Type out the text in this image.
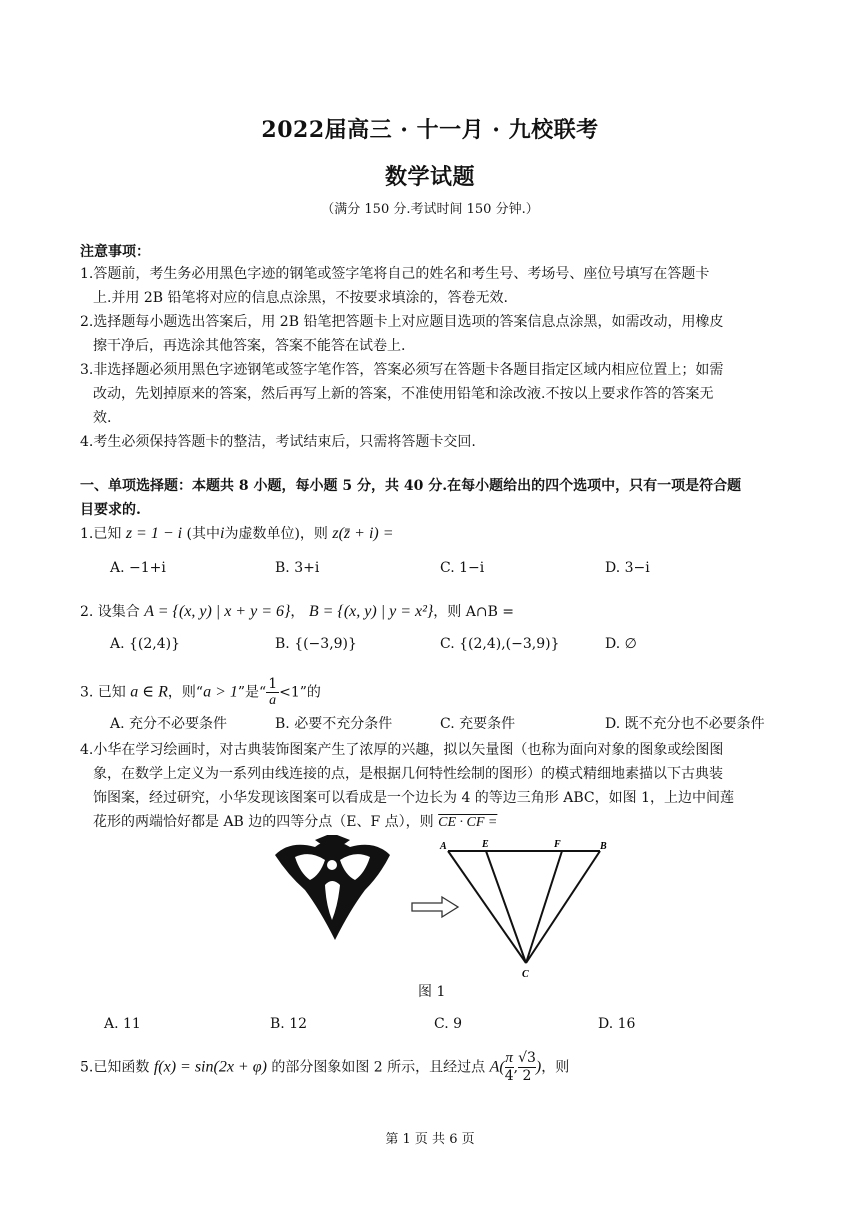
2022届高三 · 十一月 · 九校联考
数学试题
（满分 150 分.考试时间 150 分钟.）
注意事项：
1.答题前，考生务必用黑色字迹的钢笔或签字笔将自己的姓名和考生号、考场号、座位号填写在答题卡
上.并用 2B 铅笔将对应的信息点涂黑，不按要求填涂的，答卷无效.
2.选择题每小题选出答案后，用 2B 铅笔把答题卡上对应题目选项的答案信息点涂黑，如需改动，用橡皮
擦干净后，再选涂其他答案，答案不能答在试卷上.
3.非选择题必须用黑色字迹钢笔或签字笔作答，答案必须写在答题卡各题目指定区域内相应位置上；如需
改动，先划掉原来的答案，然后再写上新的答案，不准使用铅笔和涂改液.不按以上要求作答的答案无
效.
4.考生必须保持答题卡的整洁，考试结束后，只需将答题卡交回.
一、单项选择题：本题共 8 小题，每小题 5 分，共 40 分.在每小题给出的四个选项中，只有一项是符合题
目要求的.
1.已知 z = 1 − i (其中i为虚数单位)，则 z(z̄ + i) =
A. −1+i	B. 3+i	C. 1−i	D. 3−i
2. 设集合 A = {(x, y) | x + y = 6}， B = {(x, y) | y = x²}，则 A∩B =
A. {(2,4)}	B. {(−3,9)}	C. {(2,4),(−3,9)}	D. ∅
3. 已知 a ∈ R，则“a > 1”是“ $\frac{1}{a} <1$”的
A. 充分不必要条件	B. 必要不充分条件	C. 充要条件	D. 既不充分也不必要条件
4.小华在学习绘画时，对古典装饰图案产生了浓厚的兴趣，拟以矢量图（也称为面向对象的图象或绘图图
象，在数学上定义为一系列由线连接的点，是根据几何特性绘制的图形）的模式精细地素描以下古典装
饰图案，经过研究，小华发现该图案可以看成是一个边长为 4 的等边三角形 ABC，如图 1，上边中间莲
花形的两端恰好都是 AB 边的四等分点（E、F 点），则 CE · CF =
A	E	F	B
C
图 1
A. 11	B. 12	C. 9	D. 16
5.已知函数 f(x) = sin(2x + φ) 的部分图象如图 2 所示，且经过点 $A( \frac{\pi}{4}$ , $\frac{√3}{2}$ )，则
第 1 页 共 6 页
